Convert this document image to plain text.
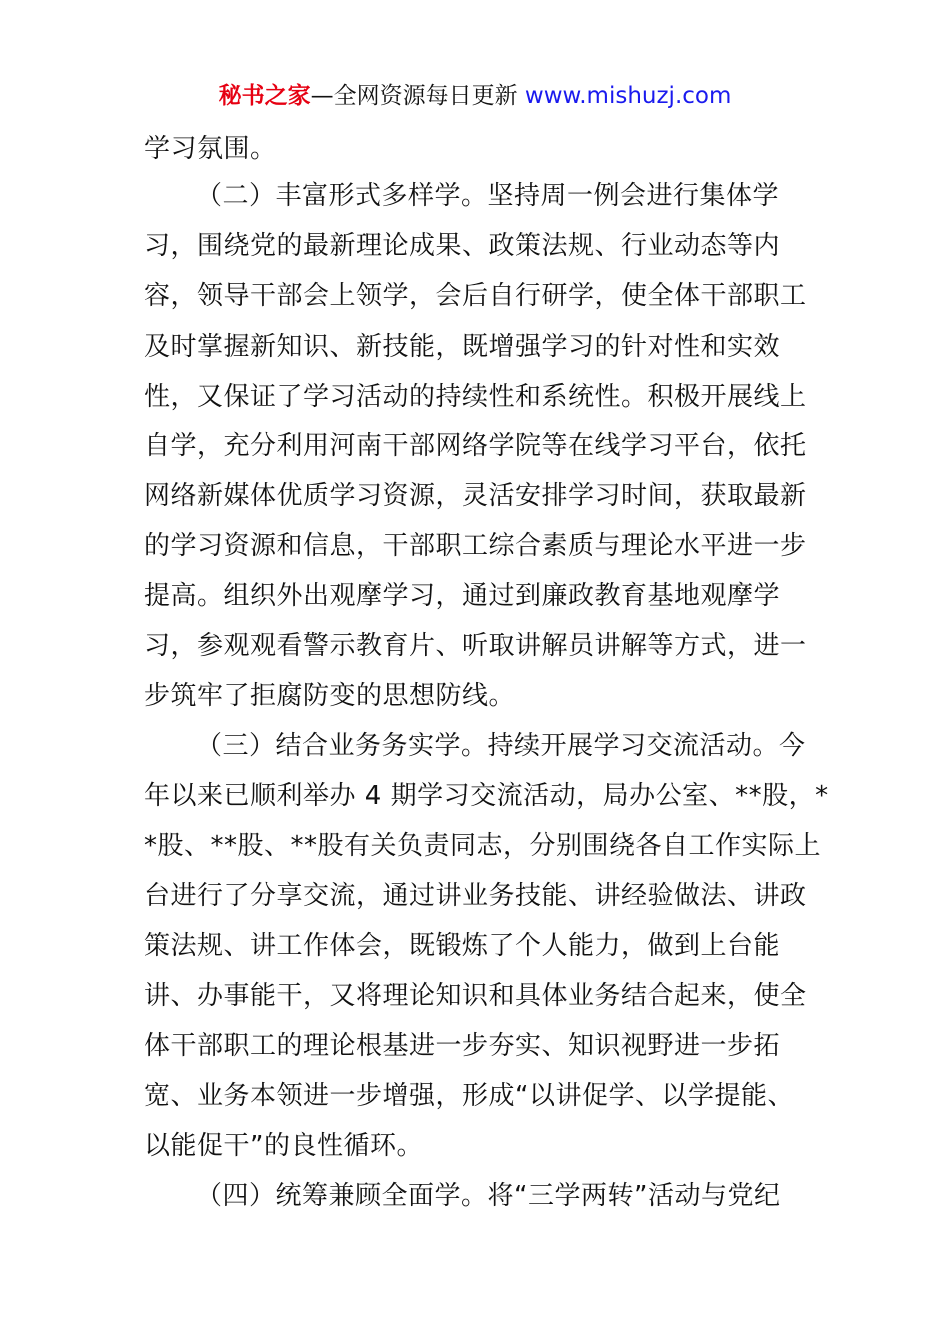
秘书之家—全网资源每日更新 www.mishuzj.com
学习氛围。
（二）丰富形式多样学。坚持周一例会进行集体学
习，围绕党的最新理论成果、政策法规、行业动态等内
容，领导干部会上领学，会后自行研学，使全体干部职工
及时掌握新知识、新技能，既增强学习的针对性和实效
性，又保证了学习活动的持续性和系统性。积极开展线上
自学，充分利用河南干部网络学院等在线学习平台，依托
网络新媒体优质学习资源，灵活安排学习时间，获取最新
的学习资源和信息，干部职工综合素质与理论水平进一步
提高。组织外出观摩学习，通过到廉政教育基地观摩学
习，参观观看警示教育片、听取讲解员讲解等方式，进一
步筑牢了拒腐防变的思想防线。
（三）结合业务务实学。持续开展学习交流活动。今
年以来已顺利举办 4 期学习交流活动，局办公室、**股，*
*股、**股、**股有关负责同志，分别围绕各自工作实际上
台进行了分享交流，通过讲业务技能、讲经验做法、讲政
策法规、讲工作体会，既锻炼了个人能力，做到上台能
讲、办事能干，又将理论知识和具体业务结合起来，使全
体干部职工的理论根基进一步夯实、知识视野进一步拓
宽、业务本领进一步增强，形成“以讲促学、以学提能、
以能促干”的良性循环。
（四）统筹兼顾全面学。将“三学两转”活动与党纪
